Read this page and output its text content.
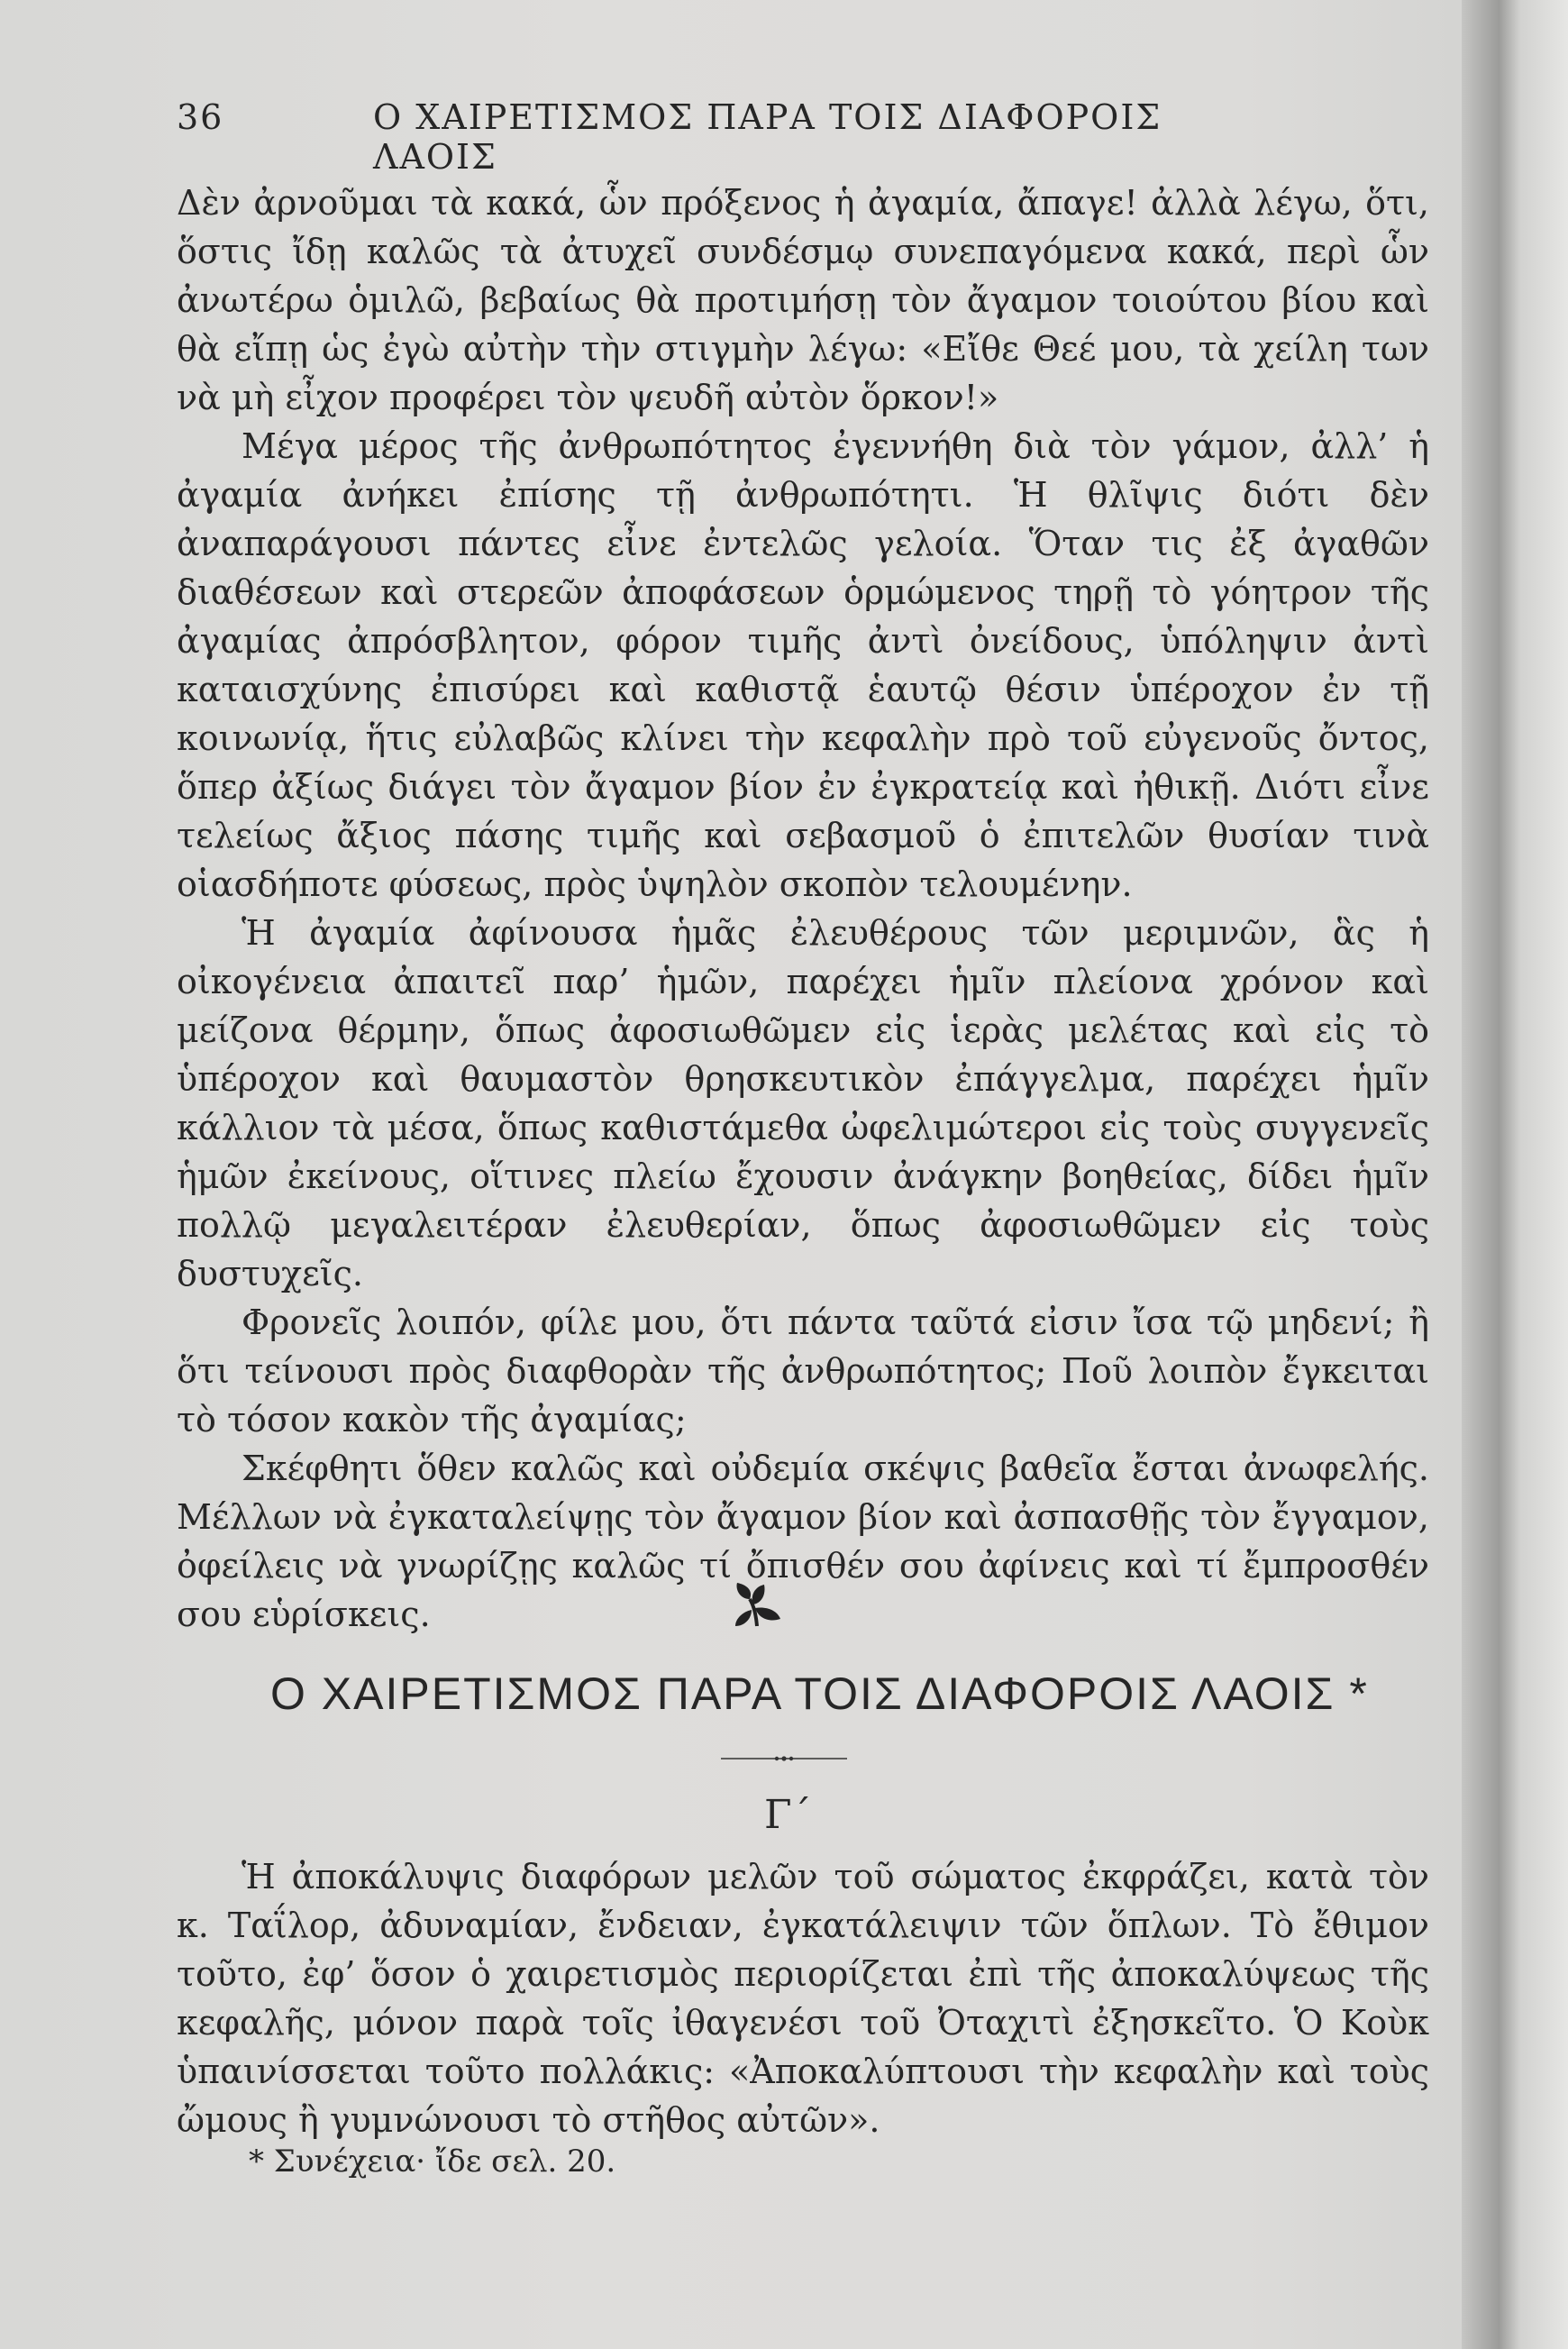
36	Ο ΧΑΙΡΕΤΙΣΜΟΣ ΠΑΡΑ ΤΟΙΣ ΔΙΑΦΟΡΟΙΣ ΛΑΟΙΣ

Δὲν ἀρνοῦμαι τὰ κακά, ὧν πρόξενος ἡ ἀγαμία, ἄπαγε! ἀλλὰ λέγω, ὅτι, ὅστις ἴδῃ καλῶς τὰ ἀτυχεῖ συνδέσμῳ συνεπαγόμενα κακά, περὶ ὧν ἀνωτέρω ὁμιλῶ, βεβαίως θὰ προτιμήσῃ τὸν ἄγαμον τοιούτου βίου καὶ θὰ εἴπῃ ὡς ἐγὼ αὐτὴν τὴν στιγμὴν λέγω: «Εἴθε Θεέ μου, τὰ χείλη των νὰ μὴ εἶχον προφέρει τὸν ψευδῆ αὐτὸν ὅρκον!»

Μέγα μέρος τῆς ἀνθρωπότητος ἐγεννήθη διὰ τὸν γάμον, ἀλλ’ ἡ ἀγαμία ἀνήκει ἐπίσης τῇ ἀνθρωπότητι. Ἡ θλῖψις διότι δὲν ἀναπαράγουσι πάντες εἶνε ἐντελῶς γελοία. Ὅταν τις ἐξ ἀγαθῶν διαθέσεων καὶ στερεῶν ἀποφάσεων ὁρμώμενος τηρῇ τὸ γόητρον τῆς ἀγαμίας ἀπρόσβλητον, φόρον τιμῆς ἀντὶ ὀνείδους, ὑπόληψιν ἀντὶ καταισχύνης ἐπισύρει καὶ καθιστᾷ ἑαυτῷ θέσιν ὑπέροχον ἐν τῇ κοινωνίᾳ, ἥτις εὐλαβῶς κλίνει τὴν κεφαλὴν πρὸ τοῦ εὐγενοῦς ὄντος, ὅπερ ἀξίως διάγει τὸν ἄγαμον βίον ἐν ἐγκρατείᾳ καὶ ἠθικῇ. Διότι εἶνε τελείως ἄξιος πάσης τιμῆς καὶ σεβασμοῦ ὁ ἐπιτελῶν θυσίαν τινὰ οἱασδήποτε φύσεως, πρὸς ὑψηλὸν σκοπὸν τελουμένην.

Ἡ ἀγαμία ἀφίνουσα ἡμᾶς ἐλευθέρους τῶν μεριμνῶν, ἃς ἡ οἰκογένεια ἀπαιτεῖ παρ’ ἡμῶν, παρέχει ἡμῖν πλείονα χρόνον καὶ μείζονα θέρμην, ὅπως ἀφοσιωθῶμεν εἰς ἱερὰς μελέτας καὶ εἰς τὸ ὑπέροχον καὶ θαυμαστὸν θρησκευτικὸν ἐπάγγελμα, παρέχει ἡμῖν κάλλιον τὰ μέσα, ὅπως καθιστάμεθα ὠφελιμώτεροι εἰς τοὺς συγγενεῖς ἡμῶν ἐκείνους, οἵτινες πλείω ἔχουσιν ἀνάγκην βοηθείας, δίδει ἡμῖν πολλῷ μεγαλειτέραν ἐλευθερίαν, ὅπως ἀφοσιωθῶμεν εἰς τοὺς δυστυχεῖς.

Φρονεῖς λοιπόν, φίλε μου, ὅτι πάντα ταῦτά εἰσιν ἴσα τῷ μηδενί; ἢ ὅτι τείνουσι πρὸς διαφθορὰν τῆς ἀνθρωπότητος; Ποῦ λοιπὸν ἔγκειται τὸ τόσον κακὸν τῆς ἀγαμίας;

Σκέφθητι ὅθεν καλῶς καὶ οὐδεμία σκέψις βαθεῖα ἔσται ἀνωφελής. Μέλλων νὰ ἐγκαταλείψῃς τὸν ἄγαμον βίον καὶ ἀσπασθῇς τὸν ἔγγαμον, ὀφείλεις νὰ γνωρίζῃς καλῶς τί ὄπισθέν σου ἀφίνεις καὶ τί ἔμπροσθέν σου εὑρίσκεις.

Ο ΧΑΙΡΕΤΙΣΜΟΣ ΠΑΡΑ ΤΟΙΣ ΔΙΑΦΟΡΟΙΣ ΛΑΟΙΣ *
Γ΄

Ἡ ἀποκάλυψις διαφόρων μελῶν τοῦ σώματος ἐκφράζει, κατὰ τὸν κ. Ταΐλορ, ἀδυναμίαν, ἔνδειαν, ἐγκατάλειψιν τῶν ὅπλων. Τὸ ἔθιμον τοῦτο, ἐφ’ ὅσον ὁ χαιρετισμὸς περιορίζεται ἐπὶ τῆς ἀποκαλύψεως τῆς κεφαλῆς, μόνον παρὰ τοῖς ἰθαγενέσι τοῦ Ὀταχιτὶ ἐξησκεῖτο. Ὁ Κοὺκ ὑπαινίσσεται τοῦτο πολλάκις: «Ἀποκαλύπτουσι τὴν κεφαλὴν καὶ τοὺς ὤμους ἢ γυμνώνουσι τὸ στῆθος αὐτῶν».

* Συνέχεια· ἴδε σελ. 20.
